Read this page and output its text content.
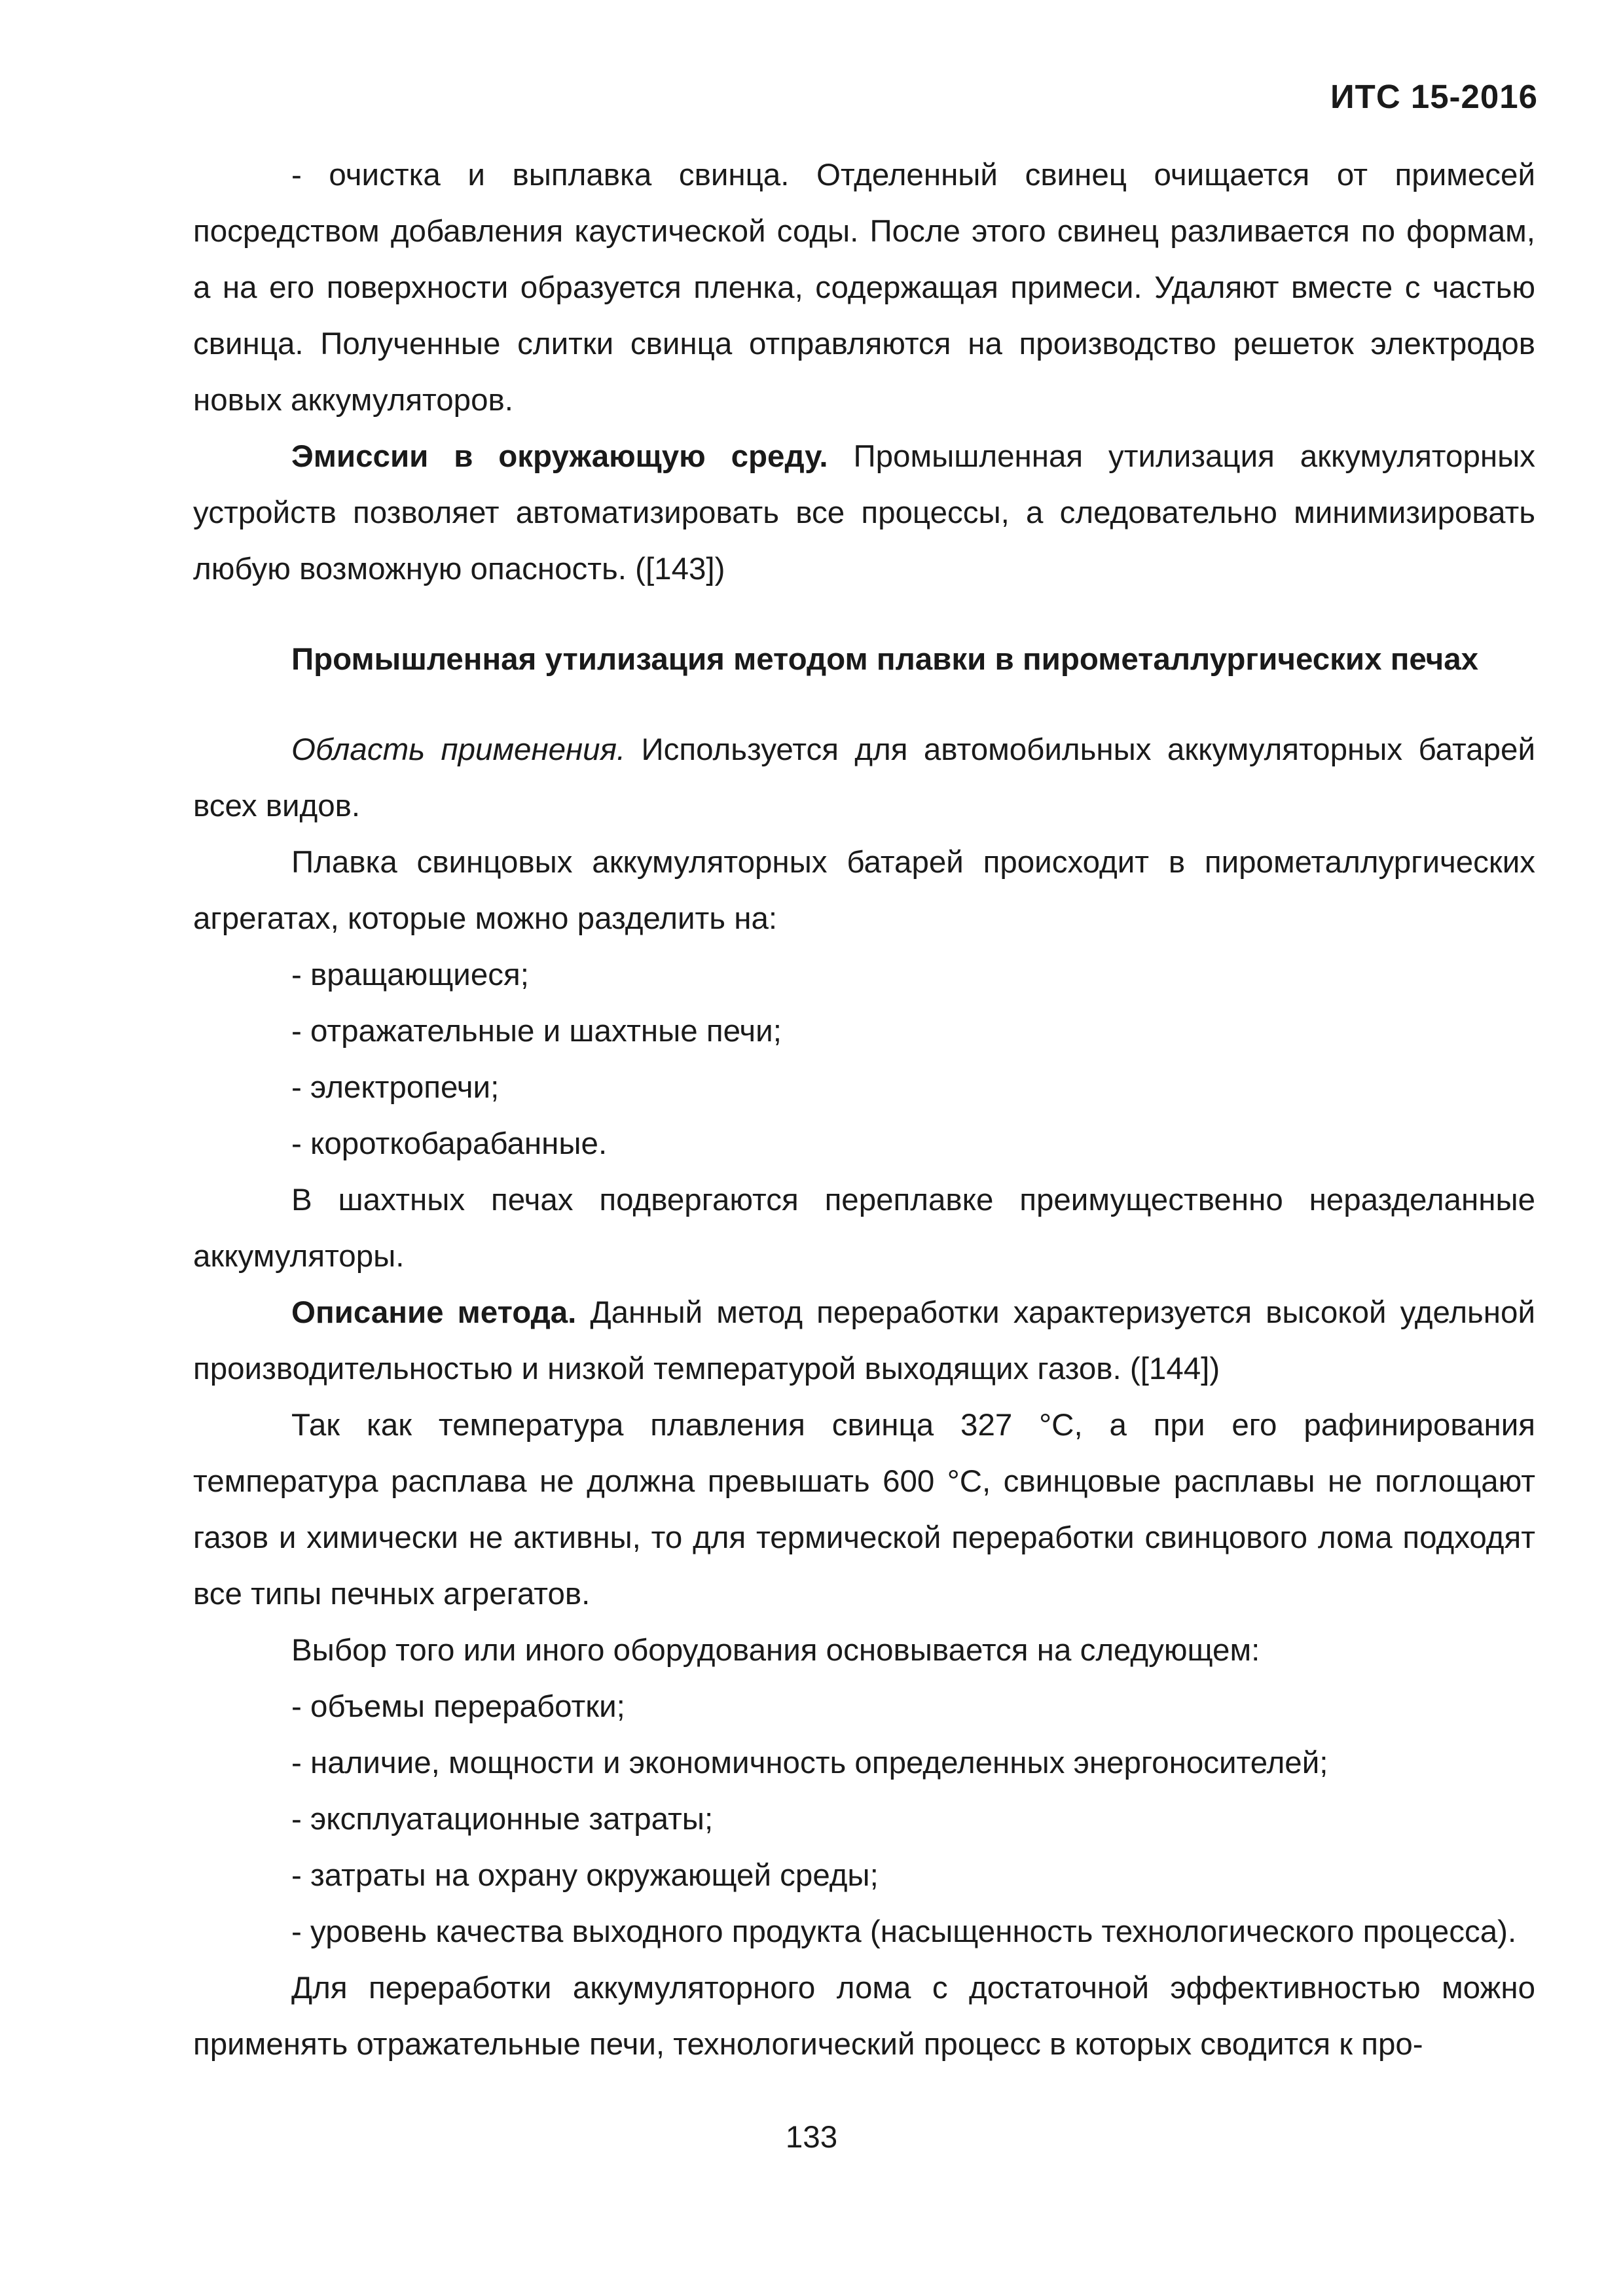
ИТС 15-2016

- очистка и выплавка свинца. Отделенный свинец очищается от примесей посредством добавления каустической соды. После этого свинец разливается по формам, а на его поверхности образуется пленка, содержащая примеси. Удаляют вместе с частью свинца. Полученные слитки свинца отправляются на производство решеток электродов новых аккумуляторов.

Эмиссии в окружающую среду. Промышленная утилизация аккумуляторных устройств позволяет автоматизировать все процессы, а следовательно минимизировать любую возможную опасность. ([143])

Промышленная утилизация методом плавки в пирометаллургических печах

Область применения. Используется для автомобильных аккумуляторных батарей всех видов.

Плавка свинцовых аккумуляторных батарей происходит в пирометаллургических агрегатах, которые можно разделить на:

- вращающиеся;

- отражательные и шахтные печи;

- электропечи;

- короткобарабанные.

В шахтных печах подвергаются переплавке преимущественно неразделанные аккумуляторы.

Описание метода. Данный метод переработки характеризуется высокой удельной производительностью и низкой температурой выходящих газов. ([144])

Так как температура плавления свинца 327 °С, а при его рафинирования температура расплава не должна превышать 600 °С, свинцовые расплавы не поглощают газов и химически не активны, то для термической переработки свинцового лома подходят все типы печных агрегатов.

Выбор того или иного оборудования основывается на следующем:

- объемы переработки;

- наличие, мощности и экономичность определенных энергоносителей;

- эксплуатационные затраты;

- затраты на охрану окружающей среды;

- уровень качества выходного продукта (насыщенность технологического процесса).

Для переработки аккумуляторного лома с достаточной эффективностью можно применять отражательные печи, технологический процесс в которых сводится к про-

133
